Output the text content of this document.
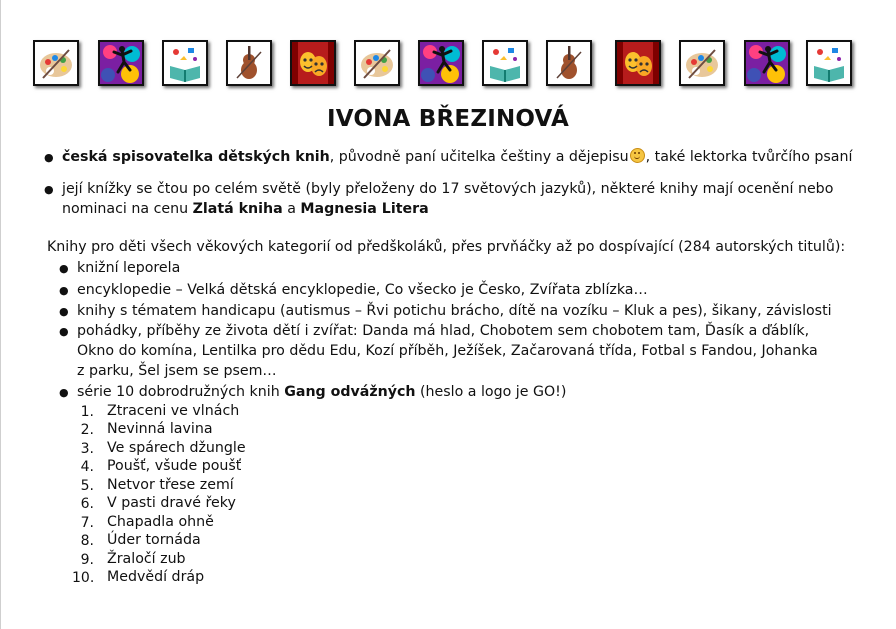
IVONA BŘEZINOVÁ
● česká spisovatelka dětských knih, původně paní učitelka češtiny a dějepisu , také lektorka tvůrčího psaní
● její knížky se čtou po celém světě (byly přeloženy do 17 světových jazyků), některé knihy mají ocenění nebo
nominaci na cenu Zlatá kniha a Magnesia Litera
Knihy pro děti všech věkových kategorií od předškoláků, přes prvňáčky až po dospívající (284 autorských titulů):
● knižní leporela
● encyklopedie – Velká dětská encyklopedie, Co všecko je Česko, Zvířata zblízka…
● knihy s tématem handicapu (autismus – Řvi potichu brácho, dítě na vozíku – Kluk a pes), šikany, závislosti
● pohádky, příběhy ze života dětí i zvířat: Danda má hlad, Chobotem sem chobotem tam, Ďasík a ďáblík,
Okno do komína, Lentilka pro dědu Edu, Kozí příběh, Ježíšek, Začarovaná třída, Fotbal s Fandou, Johanka
z parku, Šel jsem se psem…
● série 10 dobrodružných knih Gang odvážných (heslo a logo je GO!)
1. Ztraceni ve vlnách
2. Nevinná lavina
3. Ve spárech džungle
4. Poušť, všude poušť
5. Netvor třese zemí
6. V pasti dravé řeky
7. Chapadla ohně
8. Úder tornáda
9. Žraločí zub
10. Medvědí dráp
